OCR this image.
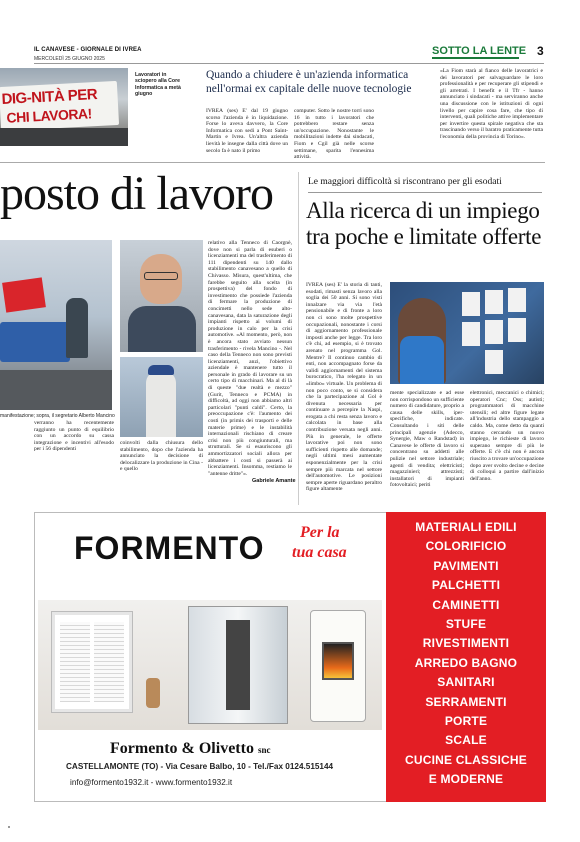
IL CANAVESE - GIORNALE DI IVREA
MERCOLEDÌ 25 GIUGNO 2025
SOTTO LA LENTE 3
DIG-NITÀ PER
CHI LAVORA!
Lavoratori in sciopero alla Core Informatica a metà giugno
Quando a chiudere è un'azienda informatica nell'ormai ex capitale delle nuove tecnologie
IVREA (ses) E' dal 19 giugno scorso l'azienda è in liquidazione. Forse lo aveva davvero, la Core Informatica con sedi a Pont Saint-Martin e Ivrea. Un'altra azienda lievità le insegne dalla città dove un secolo fa è nato il primo
computer. Sotto le nostre torri sono 16 in tutto i lavoratori che potrebbero restare senza un'occupazione. Nonostante le mobilitazioni indette dai sindacati, Fiom e Cgil già nelle scorse settimane, sparita l'ennesima attività.
«La Fiom starà al fianco delle lavoratrici e dei lavoratori per salvaguardare le loro professionalità e per recuperare gli stipendi e gli arretrati. I benefit e il Tfr - hanno annunciato i sindacati - ma serviranno anche una discussione con le istituzioni di ogni livello per capire cosa fare, che tipo di interventi, quali politiche attive implementare per invertire questa spirale negativa che sta trascinando verso il baratro praticamente tutta l'economia della provincia di Torino».
posto di lavoro
manifestazione; sopra, il segretario Alberto Mancino
verranno ha recentemente raggiunto un punto di equilibrio con un accordo su cassa integrazione e incentivi all'esodo per i 56 dipendenti
coinvolti dalla chiusura dello stabilimento, dopo che l'azienda ha annunciato la decisione di delocalizzare la produzione in Cina - e quello
relativo alla Tenneco di Caorgnè, dove non si parla di esuberi o licenziamenti ma del trasferimento di 111 dipendenti su 140 dallo stabilimento canavesano a quello di Chivasso. Misura, quest'ultima, che farebbe seguito alla scelta (in prospettiva) del fondo di investimento che possiede l'azienda di fermare la produzione di concimetti nello sede alto-canavesana, data la saturazione degli impianti rispetto ai volumi di produzione in calo per la crisi automotive. «Al momento, però, non è ancora stato avviato nessun trasferimento - rivela Mancino -. Nel caso della Tenneco non sono previsti licenziamenti, anzi, l'obiettivo aziendale è mantenere tutto il personale in grado di lavorare su un certo tipo di macchinari. Ma al di là di queste "due realtà e mezzo" (Gurit, Tenneco e PCMA) in difficoltà, ad oggi non abbiamo altri particolari "punti caldi". Certo, la preoccupazione c'è: l'aumento dei costi (in primis dei trasporti e delle materie prime) e le instabilità internazionali rischiano di creare crisi non più congiunturali, ma strutturali. Se si esauriscono gli ammortizzatori sociali allora per abbattere i costi si passerà ai licenziamenti. Insomma, restiamo le "antenne dritte"».
Le maggiori difficoltà si riscontrano per gli esodati
Alla ricerca di un impiego tra poche e limitate offerte
IVREA (ses) E' la storia di tanti, esodati, rimasti senza lavoro alla soglia dei 50 anni. Si sono visti innalzare via via l'età pensionabile e di fronte a loro non ci sono molte prospettive occupazionali, nonostante i corsi di aggiornamento professionale imposti anche per legge. Tra loro c'è chi, ad esempio, si è trovato arenato nel programma Gol. Mentre? Il continuo cambio di enti, non accompagnato forse da validi aggiornamenti del sistema burocratico, l'ha relegato in un «limbo» virtuale. Un problema di non poco conto, se si considera che la partecipazione al Gol è divenuta necessaria per continuare a percepire la Naspi, erogata a chi resta senza lavoro e calcolata in base alla contribuzione versata negli anni. Più in generale, le offerte lavorative poi non sono sufficienti rispetto alle domande; negli ultimi mesi aumentate esponenzialmente per la crisi sempre più marcata nel settore dell'automotive. Le posizioni sempre aperte riguardano peraltro figure altamente
mente specializzate e ad esse non corrispondono un sufficiente numero di candidature, proprio a causa delle skills, iper-specifiche, indicate. Consultando i siti delle principali agenzie (Adecco, Synergie, Maw o Randstad) in Canavese le offerte di lavoro si concentrano su addetti alle pulizie nel settore industriale; agenti di vendita; elettricisti; magazzinieri; attrezzisti; installatori di impianti fotovoltaici; periti
elettronici, meccanici o chimici; operatori Cnc; Oss; autisti; programmatori di macchine utensili; ed altre figure legate all'industria dello stampaggio a caldo. Ma, come detto da quanti stanno cercando un nuovo impiego, le richieste di lavoro superano sempre di più le offerte. E c'è chi non è ancora riuscito a trovare un'occupazione dopo aver svolto decine e decine di colloqui a partire dall'inizio dell'anno.
Gabriele Amante
FORMENTO Per la
tua casa
Formento & Olivetto snc
CASTELLAMONTE (TO) - Via Cesare Balbo, 10 - Tel./Fax 0124.515144
info@formento1932.it - www.formento1932.it
MATERIALI EDILI
COLORIFICIO
PAVIMENTI
PALCHETTI
CAMINETTI
STUFE
RIVESTIMENTI
ARREDO BAGNO
SANITARI
SERRAMENTI
PORTE
SCALE
CUCINE CLASSICHE
E MODERNE
